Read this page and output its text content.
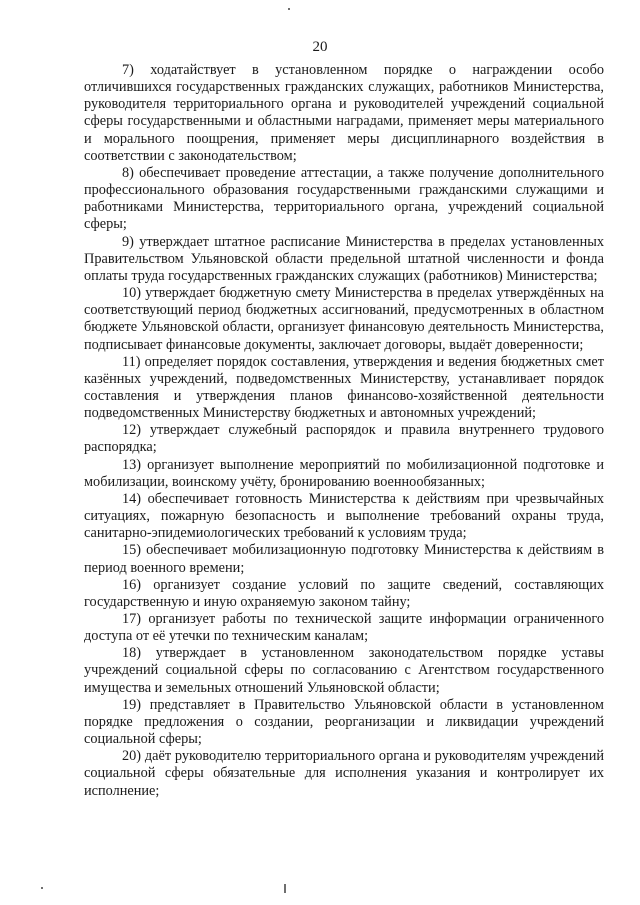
20

7) ходатайствует в установленном порядке о награждении особо отличившихся государственных гражданских служащих, работников Министерства, руководителя территориального органа и руководителей учреждений социальной сферы государственными и областными наградами, применяет меры материального и морального поощрения, применяет меры дисциплинарного воздействия в соответствии с законодательством;

8) обеспечивает проведение аттестации, а также получение дополнительного профессионального образования государственными гражданскими служащими и работниками Министерства, территориального органа, учреждений социальной сферы;

9) утверждает штатное расписание Министерства в пределах установленных Правительством Ульяновской области предельной штатной численности и фонда оплаты труда государственных гражданских служащих (работников) Министерства;

10) утверждает бюджетную смету Министерства в пределах утверждённых на соответствующий период бюджетных ассигнований, предусмотренных в областном бюджете Ульяновской области, организует финансовую деятельность Министерства, подписывает финансовые документы, заключает договоры, выдаёт доверенности;

11) определяет порядок составления, утверждения и ведения бюджетных смет казённых учреждений, подведомственных Министерству, устанавливает порядок составления и утверждения планов финансово-хозяйственной деятельности подведомственных Министерству бюджетных и автономных учреждений;

12) утверждает служебный распорядок и правила внутреннего трудового распорядка;

13) организует выполнение мероприятий по мобилизационной подготовке и мобилизации, воинскому учёту, бронированию военнообязанных;

14) обеспечивает готовность Министерства к действиям при чрезвычайных ситуациях, пожарную безопасность и выполнение требований охраны труда, санитарно-эпидемиологических требований к условиям труда;

15) обеспечивает мобилизационную подготовку Министерства к действиям в период военного времени;

16) организует создание условий по защите сведений, составляющих государственную и иную охраняемую законом тайну;

17) организует работы по технической защите информации ограниченного доступа от её утечки по техническим каналам;

18) утверждает в установленном законодательством порядке уставы учреждений социальной сферы по согласованию с Агентством государственного имущества и земельных отношений Ульяновской области;

19) представляет в Правительство Ульяновской области в установленном порядке предложения о создании, реорганизации и ликвидации учреждений социальной сферы;

20) даёт руководителю территориального органа и руководителям учреждений социальной сферы обязательные для исполнения указания и контролирует их исполнение;
